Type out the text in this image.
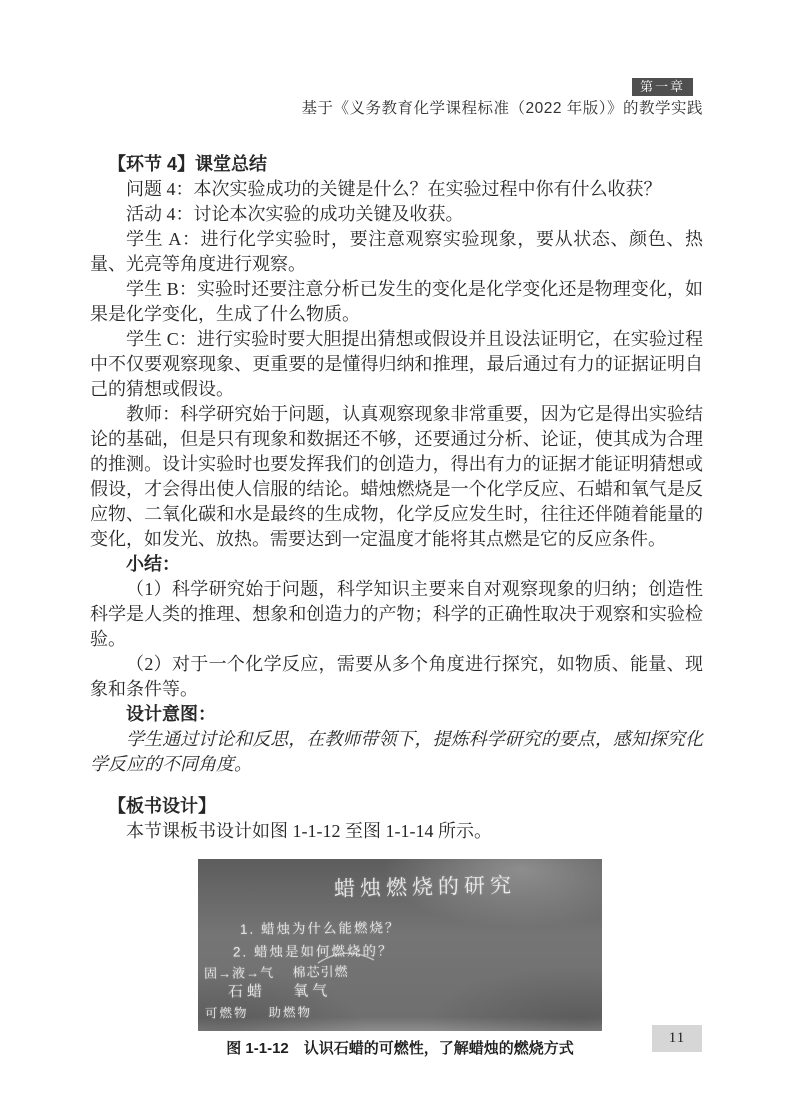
第一章
基于《义务教育化学课程标准（2022 年版）》的教学实践
【环节 4】课堂总结

问题 4：本次实验成功的关键是什么？在实验过程中你有什么收获？

活动 4：讨论本次实验的成功关键及收获。

学生 A：进行化学实验时，要注意观察实验现象，要从状态、颜色、热量、光亮等角度进行观察。

学生 B：实验时还要注意分析已发生的变化是化学变化还是物理变化，如果是化学变化，生成了什么物质。

学生 C：进行实验时要大胆提出猜想或假设并且设法证明它，在实验过程中不仅要观察现象、更重要的是懂得归纳和推理，最后通过有力的证据证明自己的猜想或假设。

教师：科学研究始于问题，认真观察现象非常重要，因为它是得出实验结论的基础，但是只有现象和数据还不够，还要通过分析、论证，使其成为合理的推测。设计实验时也要发挥我们的创造力，得出有力的证据才能证明猜想或假设，才会得出使人信服的结论。蜡烛燃烧是一个化学反应、石蜡和氧气是反应物、二氧化碳和水是最终的生成物，化学反应发生时，往往还伴随着能量的变化，如发光、放热。需要达到一定温度才能将其点燃是它的反应条件。

小结：

（1）科学研究始于问题，科学知识主要来自对观察现象的归纳；创造性科学是人类的推理、想象和创造力的产物；科学的正确性取决于观察和实验检验。

（2）对于一个化学反应，需要从多个角度进行探究，如物质、能量、现象和条件等。

设计意图：

学生通过讨论和反思，在教师带领下，提炼科学研究的要点，感知探究化学反应的不同角度。

【板书设计】

本节课板书设计如图 1-1-12 至图 1-1-14 所示。

蜡烛燃烧的研究
1. 蜡烛为什么能燃烧？
2. 蜡烛是如何燃烧的？
固→液→气　 棉芯引燃
石蜡　 氧气
可燃物　 助燃物
图 1-1-12　认识石蜡的可燃性，了解蜡烛的燃烧方式
11
